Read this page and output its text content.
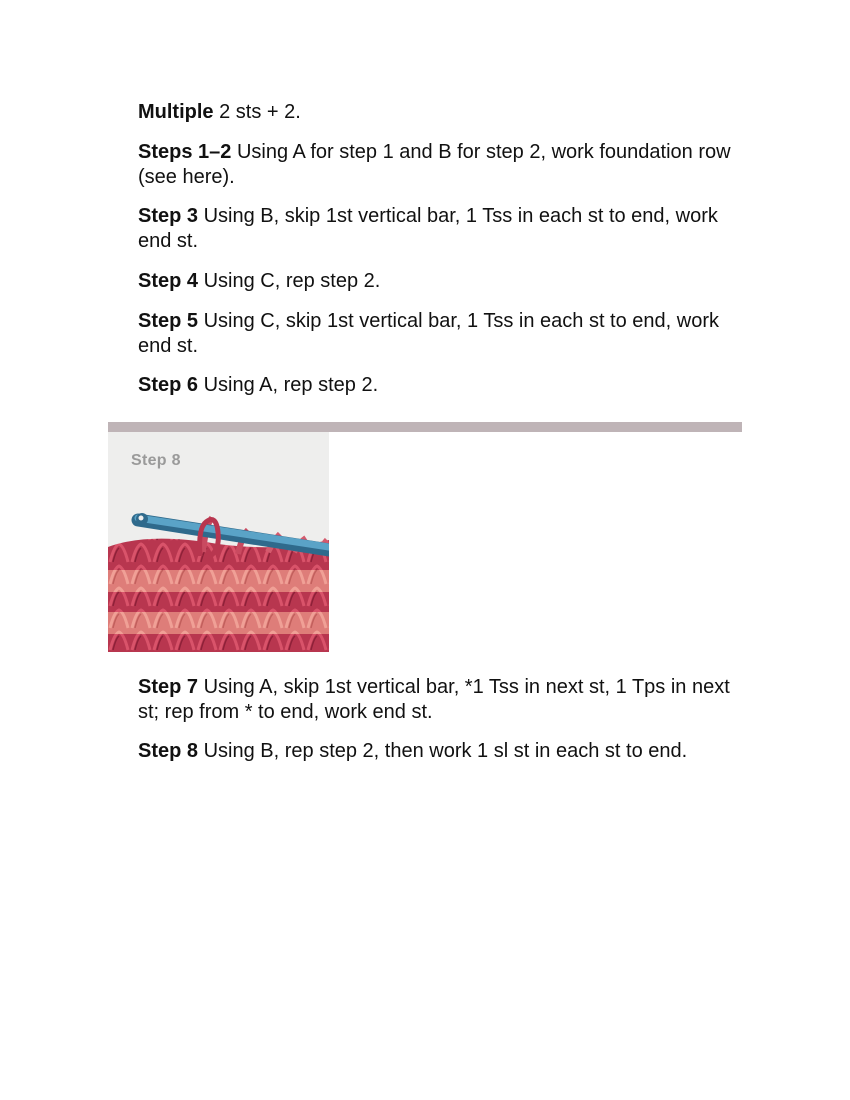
Multiple 2 sts + 2.

Steps 1–2 Using A for step 1 and B for step 2, work foundation row (see here).

Step 3 Using B, skip 1st vertical bar, 1 Tss in each st to end, work end st.

Step 4 Using C, rep step 2.

Step 5 Using C, skip 1st vertical bar, 1 Tss in each st to end, work end st.

Step 6 Using A, rep step 2.

Step 8

Step 7 Using A, skip 1st vertical bar, *1 Tss in next st, 1 Tps in next st; rep from * to end, work end st.

Step 8 Using B, rep step 2, then work 1 sl st in each st to end.
